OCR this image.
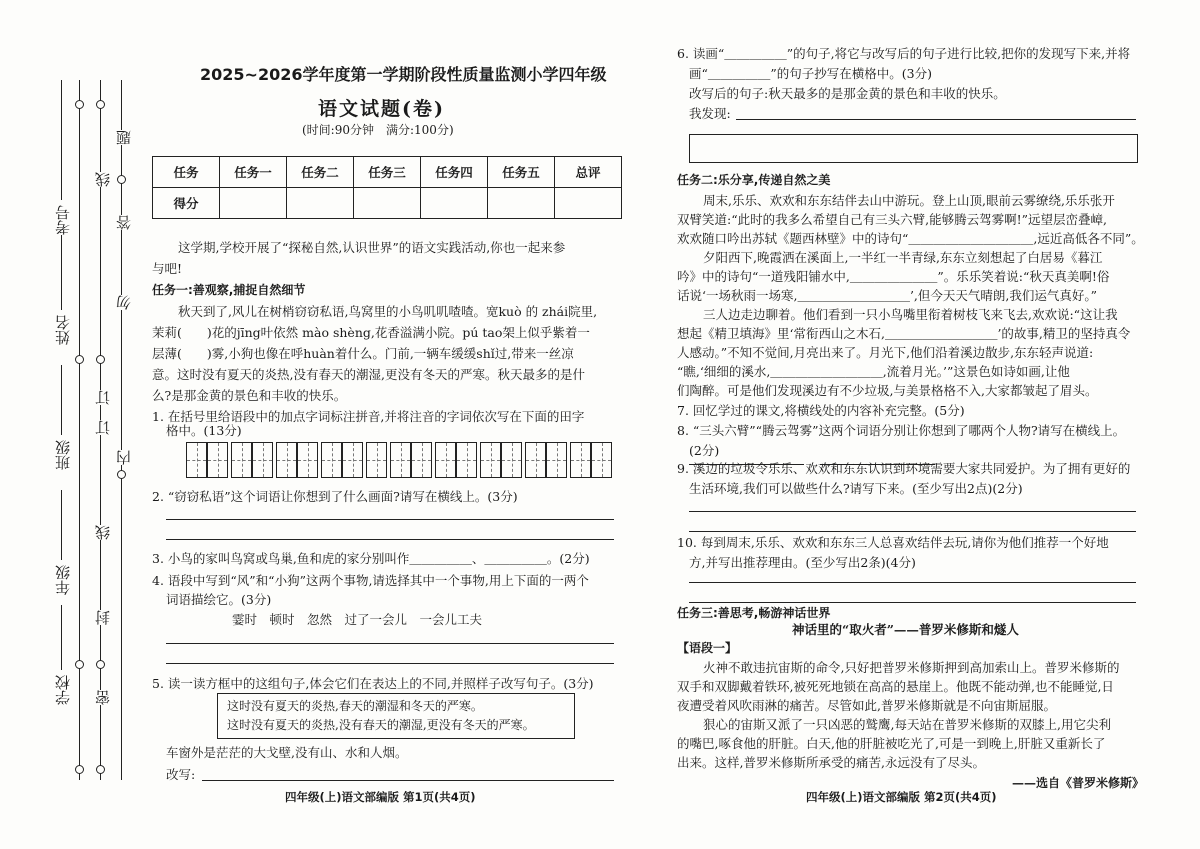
考号
姓名
班级
年级
学校
题
答
勿
内
线
订
封
密
线
订
2025~2026学年度第一学期阶段性质量监测小学四年级
语文试题(卷)
(时间:90分钟　满分:100分)
任务	任务一	任务二	任务三	任务四	任务五	总评
得分						
这学期,学校开展了“探秘自然,认识世界”的语文实践活动,你也一起来参
与吧!
任务一:善观察,捕捉自然细节
秋天到了,风儿在树梢窃窃私语,鸟窝里的小鸟叽叽喳喳。宽kuò 的 zhái院里,
茉莉(　　)花的jīng叶依然 mào shèng,花香溢满小院。pú tao架上似乎紫着一
层薄(　　)雾,小狗也像在呼huàn着什么。门前,一辆车缓缓shǐ过,带来一丝凉
意。这时没有夏天的炎热,没有春天的潮湿,更没有冬天的严寒。秋天最多的是什
么?是那金黄的景色和丰收的快乐。
1. 在括号里给语段中的加点字词标注拼音,并将注音的字词依次写在下面的田字
格中。(13分)
2. “窃窃私语”这个词语让你想到了什么画面?请写在横线上。(3分)
3. 小鸟的家叫鸟窝或鸟巢,鱼和虎的家分别叫作＿＿＿＿＿、＿＿＿＿＿。(2分)
4. 语段中写到“风”和“小狗”这两个事物,请选择其中一个事物,用上下面的一两个
词语描绘它。(3分)
霎时　顿时　忽然　过了一会儿　一会儿工夫
5. 读一读方框中的这组句子,体会它们在表达上的不同,并照样子改写句子。(3分)
这时没有夏天的炎热,春天的潮湿和冬天的严寒。
这时没有夏天的炎热,没有春天的潮湿,更没有冬天的严寒。
车窗外是茫茫的大戈壁,没有山、水和人烟。
改写:
四年级(上)语文部编版 第1页(共4页)
6. 读画“＿＿＿＿＿”的句子,将它与改写后的句子进行比较,把你的发现写下来,并将
画“＿＿＿＿＿”的句子抄写在横格中。(3分)
改写后的句子:秋天最多的是那金黄的景色和丰收的快乐。
我发现:
任务二:乐分享,传递自然之美
周末,乐乐、欢欢和东东结伴去山中游玩。登上山顶,眼前云雾缭绕,乐乐张开
双臂笑道:“此时的我多么希望自己有三头六臂,能够腾云驾雾啊!”远望层峦叠嶂,
欢欢随口吟出苏轼《题西林壁》中的诗句“＿＿＿＿＿＿＿＿＿＿,远近高低各不同”。
夕阳西下,晚霞洒在溪面上,一半红一半青绿,东东立刻想起了白居易《暮江
吟》中的诗句“一道残阳铺水中,＿＿＿＿＿＿＿”。乐乐笑着说:“秋天真美啊!俗
话说‘一场秋雨一场寒,＿＿＿＿＿＿＿＿＿’,但今天天气晴朗,我们运气真好。”
三人边走边聊着。他们看到一只小鸟嘴里衔着树枝飞来飞去,欢欢说:“这让我
想起《精卫填海》里‘常衔西山之木石,＿＿＿＿＿＿＿＿＿’的故事,精卫的坚持真令
人感动。”不知不觉间,月亮出来了。月光下,他们沿着溪边散步,东东轻声说道:
“瞧,‘细细的溪水,＿＿＿＿＿＿＿＿＿,流着月光。’”这景色如诗如画,让他
们陶醉。可是他们发现溪边有不少垃圾,与美景格格不入,大家都皱起了眉头。
7. 回忆学过的课文,将横线处的内容补充完整。(5分)
8. “三头六臂”“腾云驾雾”这两个词语分别让你想到了哪两个人物?请写在横线上。
(2分)
9. 溪边的垃圾令乐乐、欢欢和东东认识到环境需要大家共同爱护。为了拥有更好的
生活环境,我们可以做些什么?请写下来。(至少写出2点)(2分)
10. 每到周末,乐乐、欢欢和东东三人总喜欢结伴去玩,请你为他们推荐一个好地
方,并写出推荐理由。(至少写出2条)(4分)
任务三:善思考,畅游神话世界
神话里的“取火者”——普罗米修斯和燧人
【语段一】
火神不敢违抗宙斯的命令,只好把普罗米修斯押到高加索山上。普罗米修斯的
双手和双脚戴着铁环,被死死地锁在高高的悬崖上。他既不能动弹,也不能睡觉,日
夜遭受着风吹雨淋的痛苦。尽管如此,普罗米修斯就是不向宙斯屈服。
狠心的宙斯又派了一只凶恶的鹫鹰,每天站在普罗米修斯的双膝上,用它尖利
的嘴巴,啄食他的肝脏。白天,他的肝脏被吃光了,可是一到晚上,肝脏又重新长了
出来。这样,普罗米修斯所承受的痛苦,永远没有了尽头。
——选自《普罗米修斯》
四年级(上)语文部编版 第2页(共4页)
